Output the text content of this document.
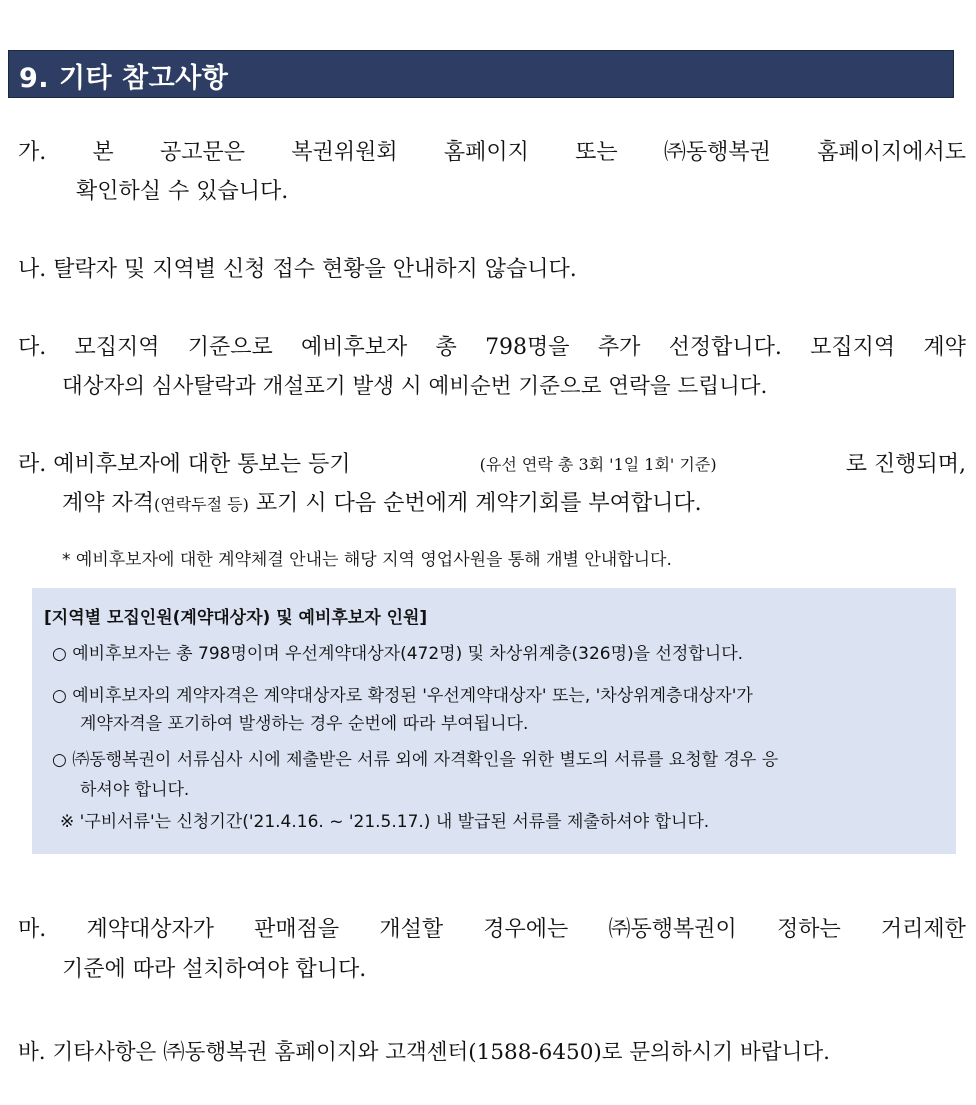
9. 기타 참고사항
가. 본 공고문은 복권위원회 홈페이지 또는 ㈜동행복권 홈페이지에서도
확인하실 수 있습니다.
나. 탈락자 및 지역별 신청 접수 현황을 안내하지 않습니다.
다. 모집지역 기준으로 예비후보자 총 798명을 추가 선정합니다. 모집지역 계약
대상자의 심사탈락과 개설포기 발생 시 예비순번 기준으로 연락을 드립니다.
라. 예비후보자에 대한 통보는 등기	(유선 연락 총 3회 '1일 1회' 기준)	로 진행되며,
계약 자격(연락두절 등) 포기 시 다음 순번에게 계약기회를 부여합니다.
* 예비후보자에 대한 계약체결 안내는 해당 지역 영업사원을 통해 개별 안내합니다.
[지역별 모집인원(계약대상자) 및 예비후보자 인원]
○ 예비후보자는 총 798명이며 우선계약대상자(472명) 및 차상위계층(326명)을 선정합니다.
○ 예비후보자의 계약자격은 계약대상자로 확정된 '우선계약대상자' 또는, '차상위계층대상자'가
계약자격을 포기하여 발생하는 경우 순번에 따라 부여됩니다.
○ ㈜동행복권이 서류심사 시에 제출받은 서류 외에 자격확인을 위한 별도의 서류를 요청할 경우 응
하셔야 합니다.
※ '구비서류'는 신청기간('21.4.16. ~ '21.5.17.) 내 발급된 서류를 제출하셔야 합니다.
마. 계약대상자가 판매점을 개설할 경우에는 ㈜동행복권이 정하는 거리제한
기준에 따라 설치하여야 합니다.
바. 기타사항은 ㈜동행복권 홈페이지와 고객센터(1588-6450)로 문의하시기 바랍니다.
